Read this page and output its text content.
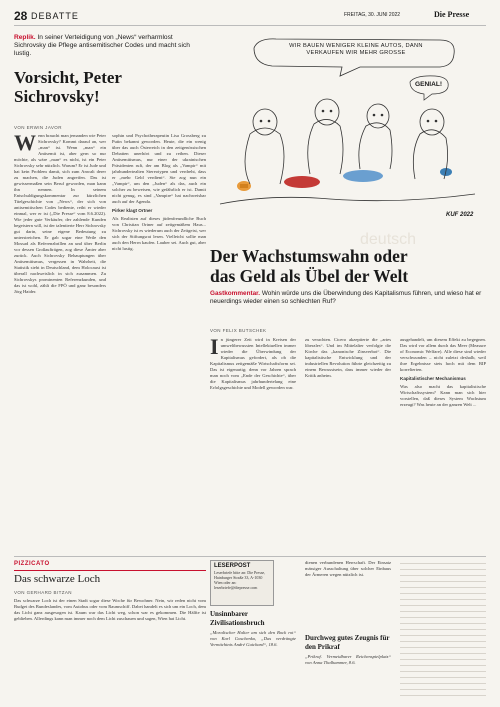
28 DEBATTE	FREITAG, 30. JUNI 2022	Die Presse
Replik. In seiner Verteidigung von „News“ verharmlost Sichrovsky die Pflege antisemitischer Codes und macht sich lustig.
Vorsicht, Peter Sichrovsky!
VON ERWIN JAVOR

Wenn braucht man jemanden wie Peter Sichrovsky? Kommt darauf an, wer „man“ ist. Wenn „man“ ein Antisemit ist, aber gern so nur möchte, als wäre „man“ es nicht, ist ein Peter Sichrovsky sehr nützlich. Warum? Er ist Jude und hat kein Problem damit, sich zum Anwalt derer zu machen, die Juden angreifen. Das ist gewissermaßen sein Beruf geworden, man kann ihn nennen. In seinem Entschuldigungskommentar zur kürzlichen Titelgeschichte von „News“, der sich von antisemitischen Codes bediente, reiht er wieder einmal, wer er ist („Die Presse“ vom 8.6.2022). Wie jeder gute Verkäufer, der zahlende Kunden begeistern will, ist der talentierte Herr Sichrovsky gut darin, seine eigene Bedeutung zu unterstreichen. Er gab sogar eine Weile den Mossad als Referenzbrillen an und über Berlin vor dessen Großaufträgen, zog diese Ämter aber zurück. Auch Sichrovsky Behauptungen über Antisemitismus, vergessen in Wahrheit, die Statistik sieht in Deutschland, dem Holocaust ist überall nachweislich in sich zusammen. Zu Sichrovskys prominenten Referenzkunden, und das ist wohl, zählt die FPÖ und ganz besonders Jörg Haider.

sophin und Psychotherapeutin Lisa Grossberg zu Putin bekannt geworden. Heute, die ein wenig über das auch Österreich in den zeitgenössischen Debatten unerhört und zu reiben. Dieser Antisemitismus, nur einer der ukrainischen Präsidenten ruft, der am Blog als „Vampir“ mit jahrhundertealten Stereotypen und verdreht, dass er „mehr Geld verdient“. Sie zog nun ein „Vampir“, um den „Juden“ als das, auch ein solcher zu beweisen, wie gefährlich er ist. Damit nicht genug, es sind „Vampire“ hat nachweisbar auch auf der Agenda.

Pirker klagt Ortner

Als Realisten auf dieses jüdenfreundliche Buch von Christian Ortner auf zeitgemäßem Haus... Sichrovsky ist es wiederum auch der Zeitgeist, wer sich der Stiftungsrat lesen. Vielleicht sollte man auch den Herrn kaufen. Lauber sei. Auch gut, aber nicht lustig.

deutsch
WIR BAUEN WENIGER KLEINE AUTOS, DANN VERKAUFEN WIR MEHR GROSSE
GENIAL!
KUF 2022
Der Wachstumswahn oder
das Geld als Übel der Welt
Gastkommentar. Wohin würde uns die Überwindung des Kapitalismus führen, und wieso hat er neuerdings wieder einen so schlechten Ruf?
VON FELIX BUTSCHEK

In jüngerer Zeit wird in Kreisen der umweltbewussten Intellektuellen immer wieder die Überwindung der Kapitalismus gefordert, als ob die Kapitalismus zeitgemäße Wirtschaftsform sei. Das ist eigenartig; denn vor Jahren sprach man noch vom „Ende der Geschichte“, über die Kapitalismus jahrhundertelang eine Erfolgsgeschichte und Modell geworden war.

zu verachten. Cicero akzeptierte die „artes liberales“. Und im Mittelalter verfolgte die Kirche das „kanonische Zinsverbot“. Die kapitalistische Entwicklung und der industriellen Revolution führte gleichzeitig zu einem Bewusstsein, dass immer wieder der Kritik anheim.

ausgehandelt, um diesem Effekt zu begegnen. Das wird vor allem durch das Meer (Measure of Economic Welfare). Alle diese sind wieder verschwunden – nicht zuletzt deshalb, weil ihre Ergebnisse stets hoch mit dem BIP korrelierten.

Kapitalistischer Mechanismus

Was also macht das kapitalistische Wirtschaftssystem? Kann man sich hier vorstellen, daß dieses System Wachstum erzeugt? Was heute an der ganzen Welt ...

PIZZICATO
Das schwarze Loch
VON GERHARD BITZAN
Das schwarze Loch ist der einen Stadt sogar diese Woche für Bewohner. Nein, wir reden nicht vom Budget des Bundeslandes, vom Autobus oder vom Raumschiff. Dabei handelt es sich um ein Loch, dem das Licht ganz ausgesogen ist. Kaum war das Licht weg, schon war es gekommen. Die Hälfte ist geblieben. Allerdings kann man immer noch dem Licht zuschauen und sagen, Wien hat Licht.
LESERPOST
Leserbriefe bitte an: Die Presse, Hainburger Straße 33, A-1030 Wien oder an: leserbriefe@diepresse.com
Unsinnbarer Zivilisationsbruch
„Moralischer Halter am sich den Bock rot“ von Karl Goschenko, „Das verdrängte Vermächtnis André Guichard“, 18.6.
dienen verbundenen Herrschaft. Der Einsatz mässiger Ausschaltung über solcher Einbaus der Ärmeren wegen nützlich ist.
Durchweg gutes Zeugnis für den Prikraf
„Prikraf. Vermeidbarer Reichenspielplatz“ von Anna Thalhammer, 8.6.
